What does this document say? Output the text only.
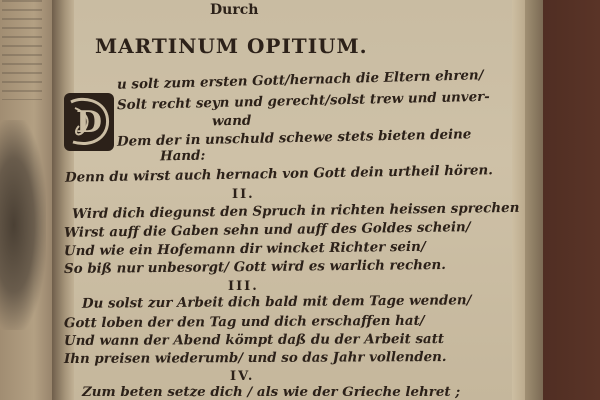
Durch
MARTINUM OPITIUM.
D
u solt zum ersten Gott/hernach die Eltern ehren/
Solt recht seyn und gerecht/solst trew und unver-
wand
Dem der in unschuld schewe stets bieten deine
Hand:
Denn du wirst auch hernach von Gott dein urtheil hören.
II.
Wird dich diegunst den Spruch in richten heissen sprechen
Wirst auff die Gaben sehn und auff des Goldes schein/
Und wie ein Hofemann dir wincket Richter sein/
So biß nur unbesorgt/ Gott wird es warlich rechen.
III.
Du solst zur Arbeit dich bald mit dem Tage wenden/
Gott loben der den Tag und dich erschaffen hat/
Und wann der Abend kömpt daß du der Arbeit satt
Ihn preisen wiederumb/ und so das Jahr vollenden.
IV.
Zum beten setze dich / als wie der Grieche lehret ;
